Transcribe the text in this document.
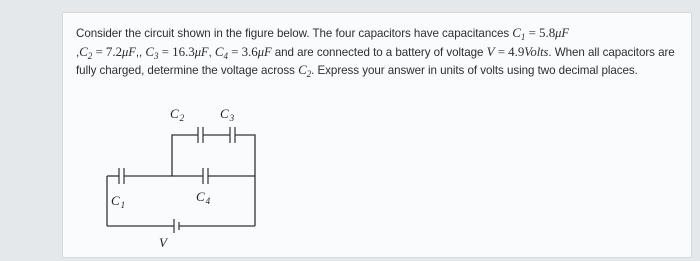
Consider the circuit shown in the figure below. The four capacitors have capacitances $C_1 = 5.8\mu F$
$,C_2 = 7.2\mu F$,, $C_3 = 16.3\mu F$, $C_4 = 3.6\mu F$ and are connected to a battery of voltage V = 4.9Volts. When all capacitors are fully charged, determine the voltage across $C_2$. Express your answer in units of volts using two decimal places.
$C_2$	$C_3$
$C_4$
$C_1$
V
